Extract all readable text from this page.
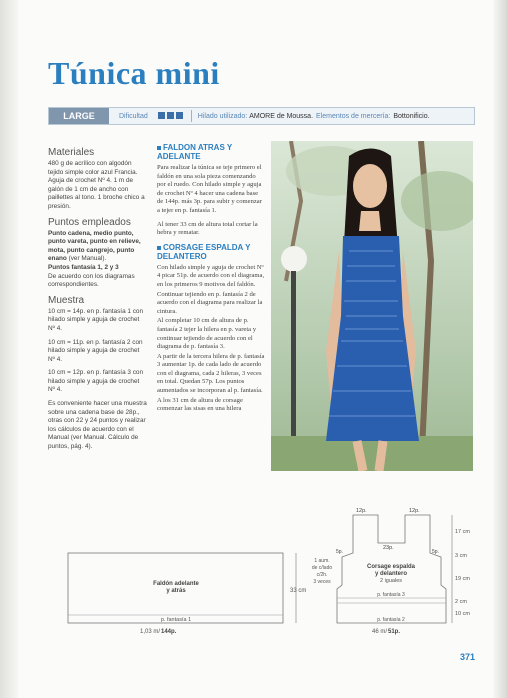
Túnica mini
LARGE	Dificultad	Hilado utilizado: AMORE de Moussa. Elementos de mercería: Bottonificio.
Materiales
480 g de acrílico con algodón tejido simple color azul Francia. Aguja de crochet Nº 4. 1 m de galón de 1 cm de ancho con paillettes al tono. 1 broche chico a presión.
Puntos empleados
Punto cadena, medio punto, punto vareta, punto en relieve, mota, punto cangrejo, punto enano (ver Manual).
Puntos fantasía 1, 2 y 3
De acuerdo con los diagramas correspondientes.
Muestra
10 cm = 14p. en p. fantasía 1 con hilado simple y aguja de crochet Nº 4.
10 cm = 11p. en p. fantasía 2 con hilado simple y aguja de crochet Nº 4.
10 cm = 12p. en p. fantasía 3 con hilado simple y aguja de crochet Nº 4.
Es conveniente hacer una muestra sobre una cadena base de 28p., otras con 22 y 24 puntos y realizar los cálculos de acuerdo con el Manual (ver Manual. Cálculo de puntos, pág. 4).
FALDON ATRAS Y ADELANTE
Para realizar la túnica se teje primero el faldón en una sola pieza comenzando por el ruedo. Con hilado simple y aguja de crochet Nº 4 hacer una cadena base de 144p. más 3p. para subir y comenzar a tejer en p. fantasía 1.
Al tener 33 cm de altura total cortar la hebra y rematar.
CORSAGE ESPALDA Y DELANTERO
Con hilado simple y aguja de crochet Nº 4 picar 51p. de acuerdo con el diagrama, en los primeros 9 motivos del faldón.
Continuar tejiendo en p. fantasía 2 de acuerdo con el diagrama para realizar la cintura.
Al completar 10 cm de altura de p. fantasía 2 tejer la hilera en p. vareta y continuar tejiendo de acuerdo con el diagrama de p. fantasía 3.
A partir de la tercera hilera de p. fantasía 3 aumentar 1p. de cada lado de acuerdo con el diagrama, cada 2 hileras, 3 veces en total. Quedan 57p. Los puntos aumentados se incorporan al p. fantasía.
A los 31 cm de altura de corsage comenzar las sisas en una hilera
Faldón adelante
y atrás
p. fantasía 1
1,03 m/ 144p.
33 cm
1 aum.
de c/lado
c/2h.
3 veces
Corsage espalda
y delantero
2 iguales
p. fantasía 3
p. fantasía 2
46 m/ 51p.
12p.	12p.
23p.
5p.	5p.
17 cm
3 cm
19 cm
2 cm
10 cm
371
